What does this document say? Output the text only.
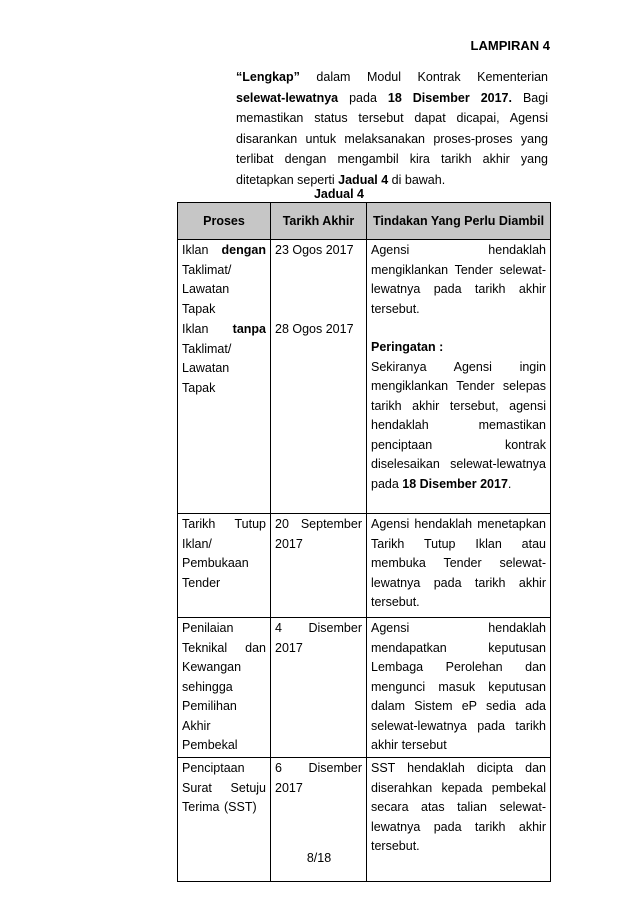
LAMPIRAN 4
“Lengkap” dalam Modul Kontrak Kementerian selewat-lewatnya pada 18 Disember 2017. Bagi memastikan status tersebut dapat dicapai, Agensi disarankan untuk melaksanakan proses-proses yang terlibat dengan mengambil kira tarikh akhir yang ditetapkan seperti Jadual 4 di bawah.
Jadual 4
Proses	Tarikh Akhir	Tindakan Yang Perlu Diambil
Iklan dengan Taklimat/ Lawatan Tapak	23 Ogos 2017	Agensi hendaklah mengiklankan Tender selewat-lewatnya pada tarikh akhir tersebut.
Peringatan :
Sekiranya Agensi ingin mengiklankan Tender selepas tarikh akhir tersebut, agensi hendaklah memastikan penciptaan kontrak diselesaikan selewat-lewatnya pada 18 Disember 2017.

Iklan tanpa Taklimat/ Lawatan Tapak	28 Ogos 2017	
Tarikh Tutup Iklan/ Pembukaan Tender	20 September 2017	Agensi hendaklah menetapkan Tarikh Tutup Iklan atau membuka Tender selewat-lewatnya pada tarikh akhir tersebut.
Penilaian Teknikal dan Kewangan sehingga Pemilihan Akhir Pembekal	4 Disember 2017	Agensi hendaklah mendapatkan keputusan Lembaga Perolehan dan mengunci masuk keputusan dalam Sistem eP sedia ada selewat-lewatnya pada tarikh akhir tersebut
Penciptaan Surat Setuju Terima (SST)	6 Disember 2017	SST hendaklah dicipta dan diserahkan kepada pembekal secara atas talian selewat-lewatnya pada tarikh akhir tersebut.
8/18
